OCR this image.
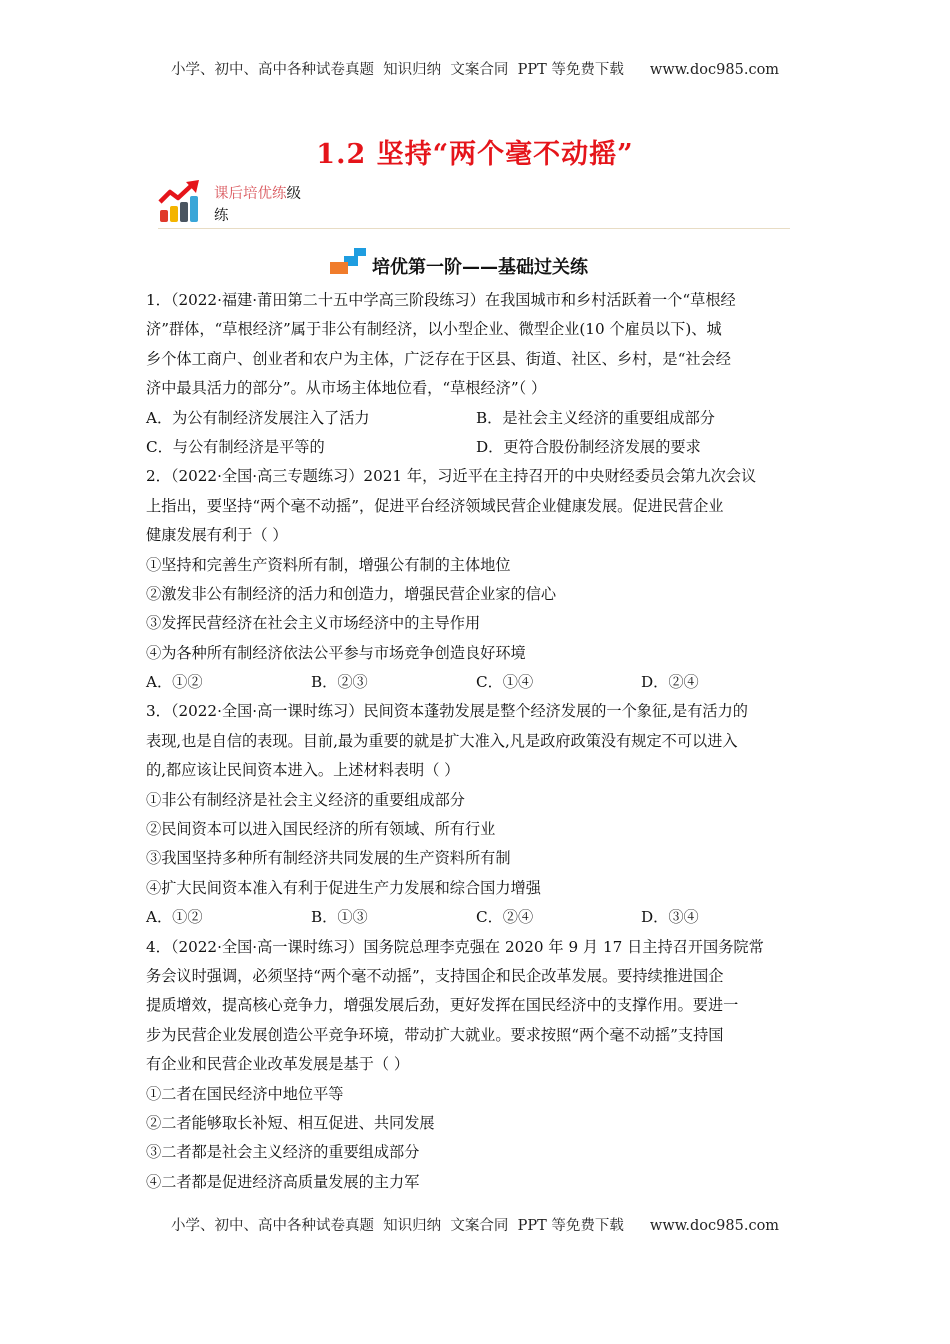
小学、初中、高中各种试卷真题  知识归纳  文案合同  PPT 等免费下载 www.doc985.com
1.2 坚持“两个毫不动摇”
课后培优练级
练
培优第一阶——基础过关练
1．（2022·福建·莆田第二十五中学高三阶段练习）在我国城市和乡村活跃着一个“草根经
济”群体，“草根经济”属于非公有制经济，以小型企业、微型企业(10 个雇员以下)、城
乡个体工商户、创业者和农户为主体，广泛存在于区县、街道、社区、乡村，是“社会经
济中最具活力的部分”。从市场主体地位看，“草根经济”（ ）
A．为公有制经济发展注入了活力	B．是社会主义经济的重要组成部分
C．与公有制经济是平等的	D．更符合股份制经济发展的要求
2．（2022·全国·高三专题练习）2021 年，习近平在主持召开的中央财经委员会第九次会议
上指出，要坚持“两个毫不动摇”，促进平台经济领域民营企业健康发展。促进民营企业
健康发展有利于（ ）
①坚持和完善生产资料所有制，增强公有制的主体地位
②激发非公有制经济的活力和创造力，增强民营企业家的信心
③发挥民营经济在社会主义市场经济中的主导作用
④为各种所有制经济依法公平参与市场竞争创造良好环境
A．①②	B．②③	C．①④	D．②④
3．（2022·全国·高一课时练习）民间资本蓬勃发展是整个经济发展的一个象征,是有活力的
表现,也是自信的表现。目前,最为重要的就是扩大准入,凡是政府政策没有规定不可以进入
的,都应该让民间资本进入。上述材料表明（ ）
①非公有制经济是社会主义经济的重要组成部分
②民间资本可以进入国民经济的所有领域、所有行业
③我国坚持多种所有制经济共同发展的生产资料所有制
④扩大民间资本准入有利于促进生产力发展和综合国力增强
A．①②	B．①③	C．②④	D．③④
4．（2022·全国·高一课时练习）国务院总理李克强在 2020 年 9 月 17 日主持召开国务院常
务会议时强调，必须坚持“两个毫不动摇”，支持国企和民企改革发展。要持续推进国企
提质增效，提高核心竞争力，增强发展后劲，更好发挥在国民经济中的支撑作用。要进一
步为民营企业发展创造公平竞争环境，带动扩大就业。要求按照“两个毫不动摇”支持国
有企业和民营企业改革发展是基于（ ）
①二者在国民经济中地位平等
②二者能够取长补短、相互促进、共同发展
③二者都是社会主义经济的重要组成部分
④二者都是促进经济高质量发展的主力军
小学、初中、高中各种试卷真题  知识归纳  文案合同  PPT 等免费下载 www.doc985.com
